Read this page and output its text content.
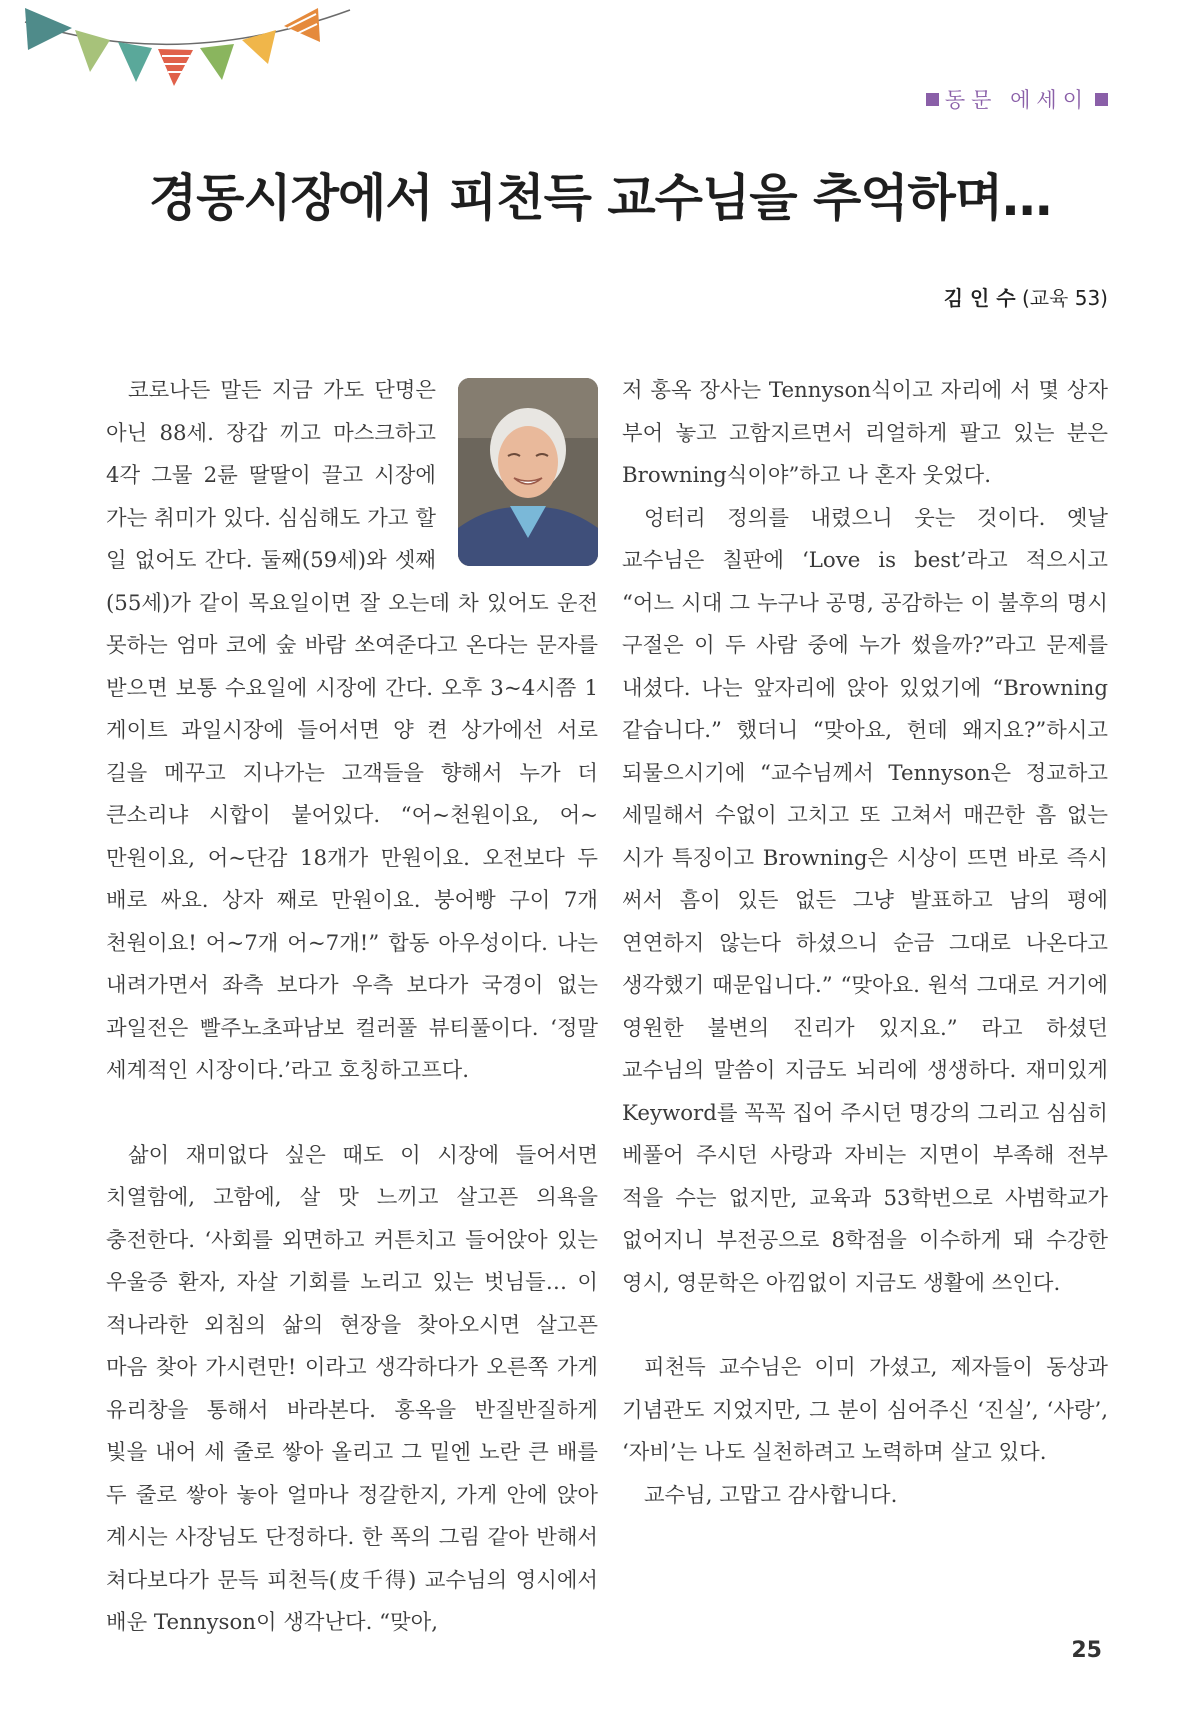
동문 에세이
경동시장에서 피천득 교수님을 추억하며…
김 인 수 (교육 53)

코로나든 말든 지금 가도 단명은 아닌 88세. 장갑 끼고 마스크하고 4각 그물 2륜 딸딸이 끌고 시장에 가는 취미가 있다. 심심해도 가고 할 일 없어도 간다. 둘째(59세)와 셋째(55세)가 같이 목요일이면 잘 오는데 차 있어도 운전 못하는 엄마 코에 숲 바람 쏘여준다고 온다는 문자를 받으면 보통 수요일에 시장에 간다. 오후 3~4시쯤 1 게이트 과일시장에 들어서면 양 켠 상가에선 서로 길을 메꾸고 지나가는 고객들을 향해서 누가 더 큰소리냐 시합이 붙어있다. “어~천원이요, 어~만원이요, 어~단감 18개가 만원이요. 오전보다 두 배로 싸요. 상자 째로 만원이요. 붕어빵 구이 7개 천원이요! 어~7개 어~7개!” 합동 아우성이다. 나는 내려가면서 좌측 보다가 우측 보다가 국경이 없는 과일전은 빨주노초파남보 컬러풀 뷰티풀이다. ‘정말 세계적인 시장이다.’라고 호칭하고프다.

삶이 재미없다 싶은 때도 이 시장에 들어서면 치열함에, 고함에, 살 맛 느끼고 살고픈 의욕을 충전한다. ‘사회를 외면하고 커튼치고 들어앉아 있는 우울증 환자, 자살 기회를 노리고 있는 벗님들… 이 적나라한 외침의 삶의 현장을 찾아오시면 살고픈 마음 찾아 가시련만! 이라고 생각하다가 오른쪽 가게 유리창을 통해서 바라본다. 홍옥을 반질반질하게 빛을 내어 세 줄로 쌓아 올리고 그 밑엔 노란 큰 배를 두 줄로 쌓아 놓아 얼마나 정갈한지, 가게 안에 앉아 계시는 사장님도 단정하다. 한 폭의 그림 같아 반해서 쳐다보다가 문득 피천득(皮千得) 교수님의 영시에서 배운 Tennyson이 생각난다. “맞아,

저 홍옥 장사는 Tennyson식이고 자리에 서 몇 상자 부어 놓고 고함지르면서 리얼하게 팔고 있는 분은 Browning식이야”하고 나 혼자 웃었다.

엉터리 정의를 내렸으니 웃는 것이다. 옛날 교수님은 칠판에 ‘Love is best’라고 적으시고 “어느 시대 그 누구나 공명, 공감하는 이 불후의 명시 구절은 이 두 사람 중에 누가 썼을까?”라고 문제를 내셨다. 나는 앞자리에 앉아 있었기에 “Browning 같습니다.” 했더니 “맞아요, 헌데 왜지요?”하시고 되물으시기에 “교수님께서 Tennyson은 정교하고 세밀해서 수없이 고치고 또 고쳐서 매끈한 흠 없는 시가 특징이고 Browning은 시상이 뜨면 바로 즉시 써서 흠이 있든 없든 그냥 발표하고 남의 평에 연연하지 않는다 하셨으니 순금 그대로 나온다고 생각했기 때문입니다.” “맞아요. 원석 그대로 거기에 영원한 불변의 진리가 있지요.” 라고 하셨던 교수님의 말씀이 지금도 뇌리에 생생하다. 재미있게 Keyword를 꼭꼭 집어 주시던 명강의 그리고 심심히 베풀어 주시던 사랑과 자비는 지면이 부족해 전부 적을 수는 없지만, 교육과 53학번으로 사범학교가 없어지니 부전공으로 8학점을 이수하게 돼 수강한 영시, 영문학은 아낌없이 지금도 생활에 쓰인다.

피천득 교수님은 이미 가셨고, 제자들이 동상과 기념관도 지었지만, 그 분이 심어주신 ‘진실’, ‘사랑’, ‘자비’는 나도 실천하려고 노력하며 살고 있다.

교수님, 고맙고 감사합니다.

25
